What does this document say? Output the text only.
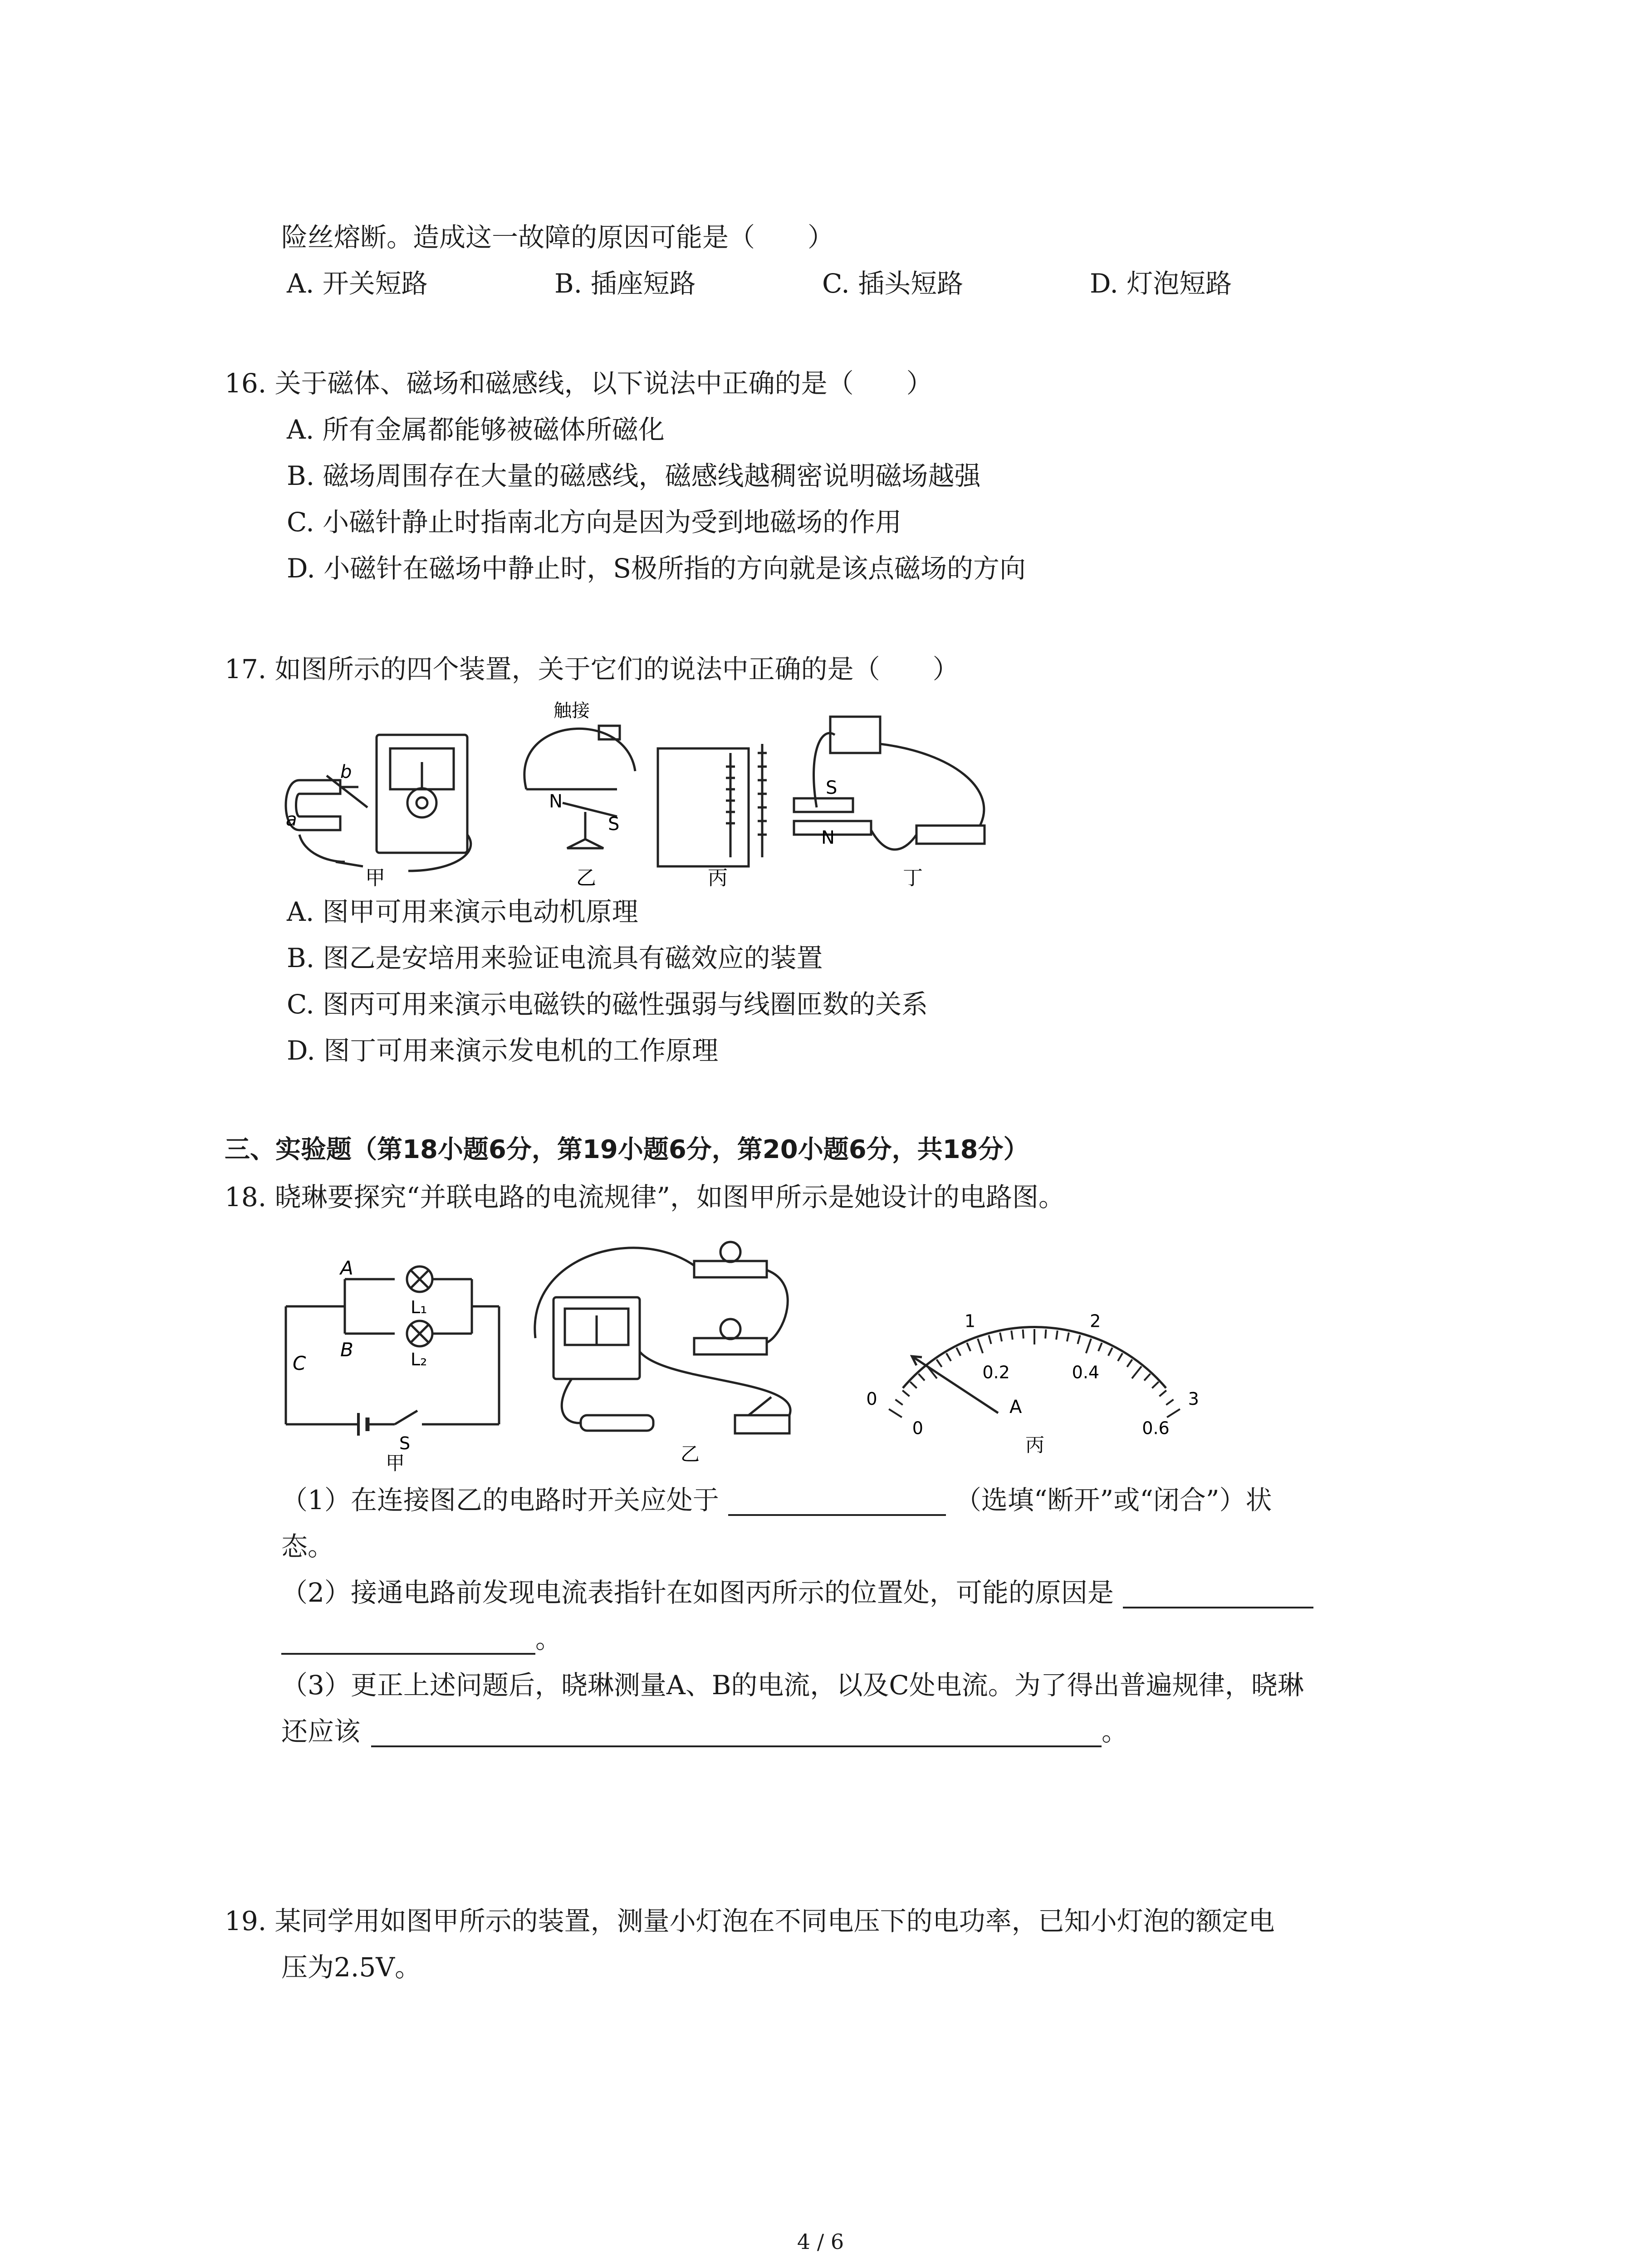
险丝熔断。造成这一故障的原因可能是（　　）
A. 开关短路	B. 插座短路	C. 插头短路	D. 灯泡短路
16. 关于磁体、磁场和磁感线，以下说法中正确的是（　　）
A. 所有金属都能够被磁体所磁化
B. 磁场周围存在大量的磁感线，磁感线越稠密说明磁场越强
C. 小磁针静止时指南北方向是因为受到地磁场的作用
D. 小磁针在磁场中静止时，S极所指的方向就是该点磁场的方向
17. 如图所示的四个装置，关于它们的说法中正确的是（　　）
触接
a
b
N
S
S
N
甲	乙	丙	丁
A. 图甲可用来演示电动机原理
B. 图乙是安培用来验证电流具有磁效应的装置
C. 图丙可用来演示电磁铁的磁性强弱与线圈匝数的关系
D. 图丁可用来演示发电机的工作原理
三、实验题（第18小题6分，第19小题6分，第20小题6分，共18分）
18. 晓琳要探究“并联电路的电流规律”，如图甲所示是她设计的电路图。
A
B
C
L₁
L₂
S
甲	乙	丙
0
1	2
3
0
0.2	0.4
0.6
A
（1）在连接图乙的电路时开关应处于	（选填“断开”或“闭合”）状
态。
（2）接通电路前发现电流表指针在如图丙所示的位置处，可能的原因是
。
（3）更正上述问题后，晓琳测量A、B的电流，以及C处电流。为了得出普遍规律，晓琳
还应该	。
19. 某同学用如图甲所示的装置，测量小灯泡在不同电压下的电功率，已知小灯泡的额定电
压为2.5V。
4 / 6
